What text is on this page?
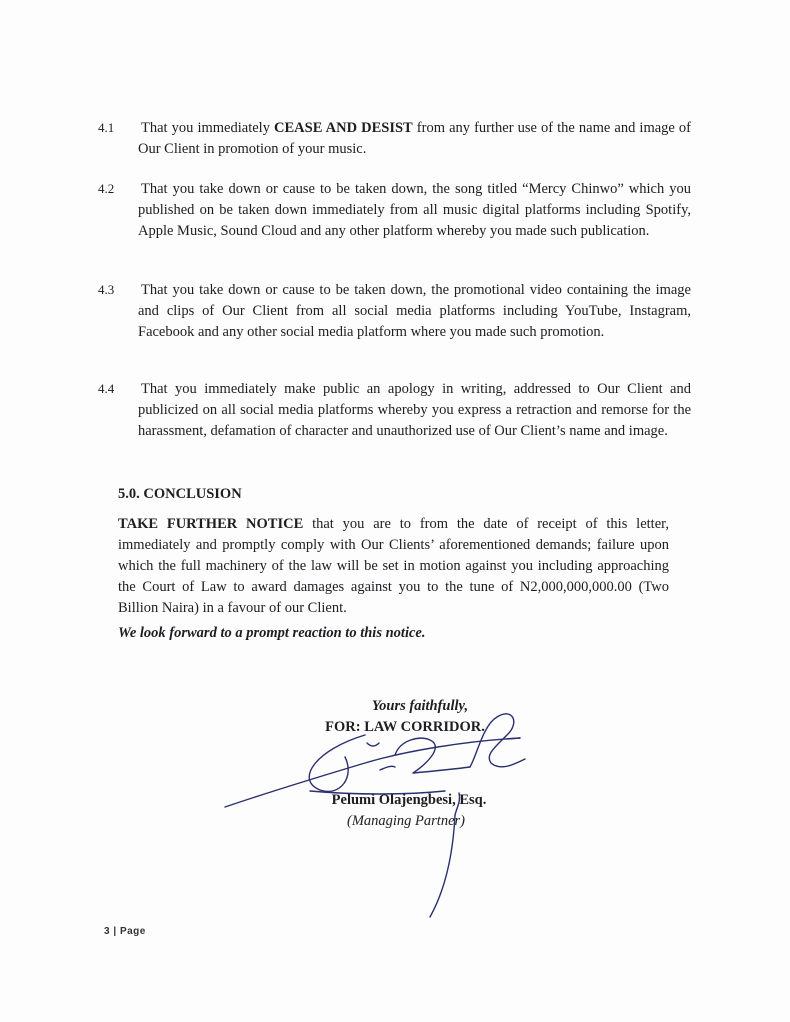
4.1 That you immediately CEASE AND DESIST from any further use of the name and image of Our Client in promotion of your music.

4.2 That you take down or cause to be taken down, the song titled “Mercy Chinwo” which you published on be taken down immediately from all music digital platforms including Spotify, Apple Music, Sound Cloud and any other platform whereby you made such publication.

4.3 That you take down or cause to be taken down, the promotional video containing the image and clips of Our Client from all social media platforms including YouTube, Instagram, Facebook and any other social media platform where you made such promotion.

4.4 That you immediately make public an apology in writing, addressed to Our Client and publicized on all social media platforms whereby you express a retraction and remorse for the harassment, defamation of character and unauthorized use of Our Client’s name and image.

5.0. CONCLUSION

TAKE FURTHER NOTICE that you are to from the date of receipt of this letter, immediately and promptly comply with Our Clients’ aforementioned demands; failure upon which the full machinery of the law will be set in motion against you including approaching the Court of Law to award damages against you to the tune of N2,000,000,000.00 (Two Billion Naira) in a favour of our Client.

We look forward to a prompt reaction to this notice.

Yours faithfully,
FOR: LAW CORRIDOR.
Pelumi Olajengbesi, Esq.
(Managing Partner)
3 | Page
